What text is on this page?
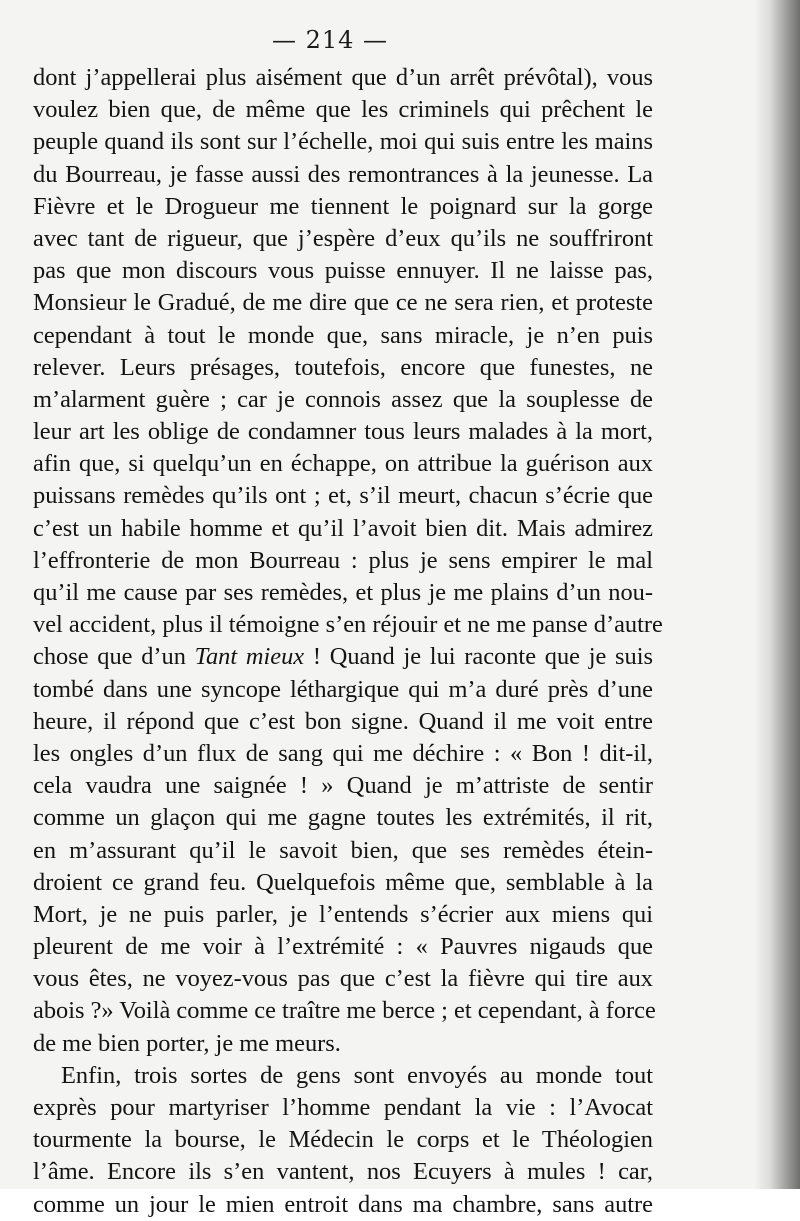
— 214 —
dont j’appellerai plus aisément que d’un arrêt prévôtal), vous
voulez bien que, de même que les criminels qui prêchent le
peuple quand ils sont sur l’échelle, moi qui suis entre les mains
du Bourreau, je fasse aussi des remontrances à la jeunesse. La
Fièvre et le Drogueur me tiennent le poignard sur la gorge
avec tant de rigueur, que j’espère d’eux qu’ils ne souffriront
pas que mon discours vous puisse ennuyer. Il ne laisse pas,
Monsieur le Gradué, de me dire que ce ne sera rien, et proteste
cependant à tout le monde que, sans miracle, je n’en puis
relever. Leurs présages, toutefois, encore que funestes, ne
m’alarment guère ; car je connois assez que la souplesse de
leur art les oblige de condamner tous leurs malades à la mort,
afin que, si quelqu’un en échappe, on attribue la guérison aux
puissans remèdes qu’ils ont ; et, s’il meurt, chacun s’écrie que
c’est un habile homme et qu’il l’avoit bien dit. Mais admirez
l’effronterie de mon Bourreau : plus je sens empirer le mal
qu’il me cause par ses remèdes, et plus je me plains d’un nou-
vel accident, plus il témoigne s’en réjouir et ne me panse d’autre
chose que d’un Tant mieux ! Quand je lui raconte que je suis
tombé dans une syncope léthargique qui m’a duré près d’une
heure, il répond que c’est bon signe. Quand il me voit entre
les ongles d’un flux de sang qui me déchire : « Bon ! dit-il,
cela vaudra une saignée ! » Quand je m’attriste de sentir
comme un glaçon qui me gagne toutes les extrémités, il rit,
en m’assurant qu’il le savoit bien, que ses remèdes étein-
droient ce grand feu. Quelquefois même que, semblable à la
Mort, je ne puis parler, je l’entends s’écrier aux miens qui
pleurent de me voir à l’extrémité : « Pauvres nigauds que
vous êtes, ne voyez-vous pas que c’est la fièvre qui tire aux
abois ?» Voilà comme ce traître me berce ; et cependant, à force
de me bien porter, je me meurs.
Enfin, trois sortes de gens sont envoyés au monde tout
exprès pour martyriser l’homme pendant la vie : l’Avocat
tourmente la bourse, le Médecin le corps et le Théologien
l’âme. Encore ils s’en vantent, nos Ecuyers à mules ! car,
comme un jour le mien entroit dans ma chambre, sans autre
